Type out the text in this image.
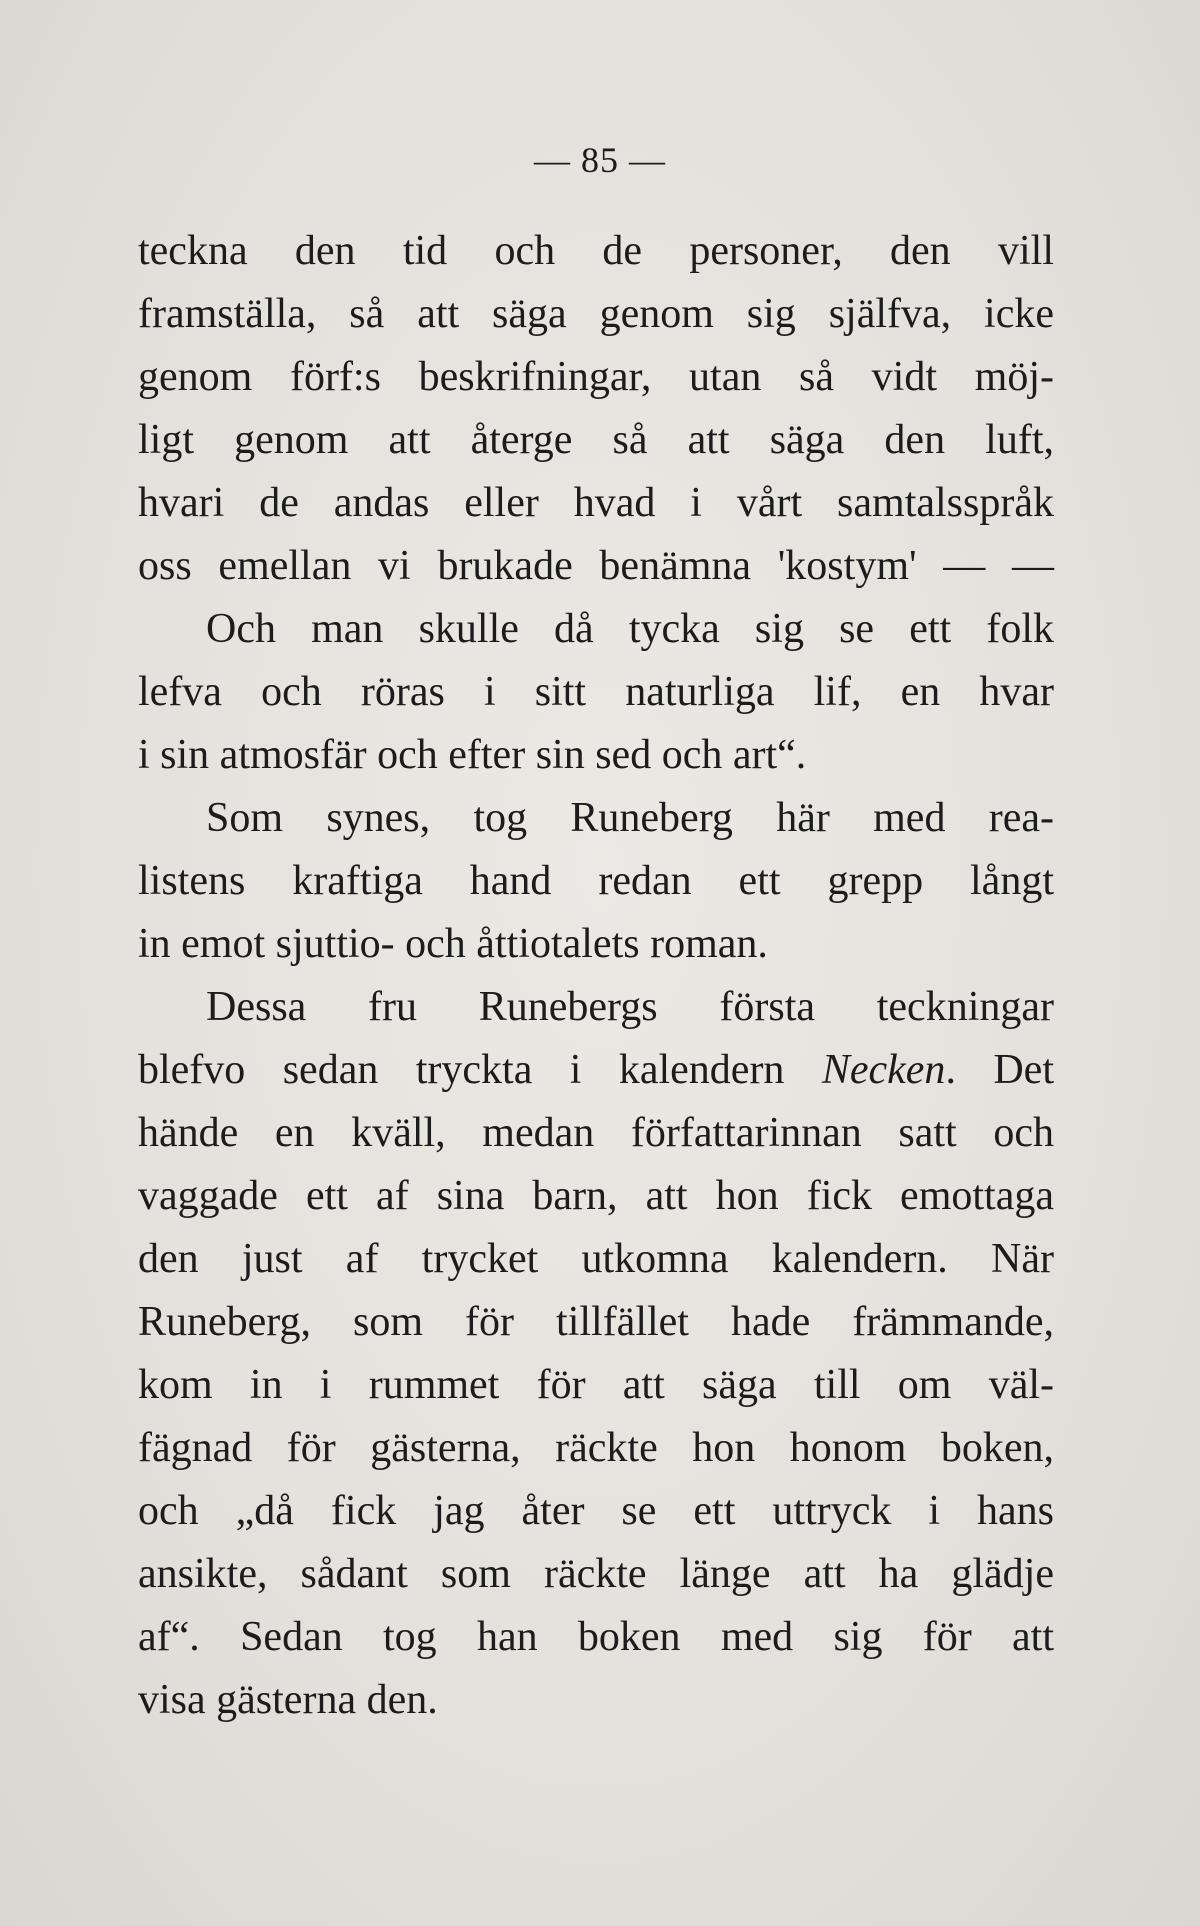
— 85 —
teckna den tid och de personer, den vill
framställa, så att säga genom sig själfva, icke
genom förf:s beskrifningar, utan så vidt möj-
ligt genom att återge så att säga den luft,
hvari de andas eller hvad i vårt samtalsspråk
oss emellan vi brukade benämna 'kostym' — —
Och man skulle då tycka sig se ett folk
lefva och röras i sitt naturliga lif, en hvar
i sin atmosfär och efter sin sed och art“.
Som synes, tog Runeberg här med rea-
listens kraftiga hand redan ett grepp långt
in emot sjuttio- och åttiotalets roman.
Dessa fru Runebergs första teckningar
blefvo sedan tryckta i kalendern Necken. Det
hände en kväll, medan författarinnan satt och
vaggade ett af sina barn, att hon fick emottaga
den just af trycket utkomna kalendern. När
Runeberg, som för tillfället hade främmande,
kom in i rummet för att säga till om väl-
fägnad för gästerna, räckte hon honom boken,
och „då fick jag åter se ett uttryck i hans
ansikte, sådant som räckte länge att ha glädje
af“. Sedan tog han boken med sig för att
visa gästerna den.
